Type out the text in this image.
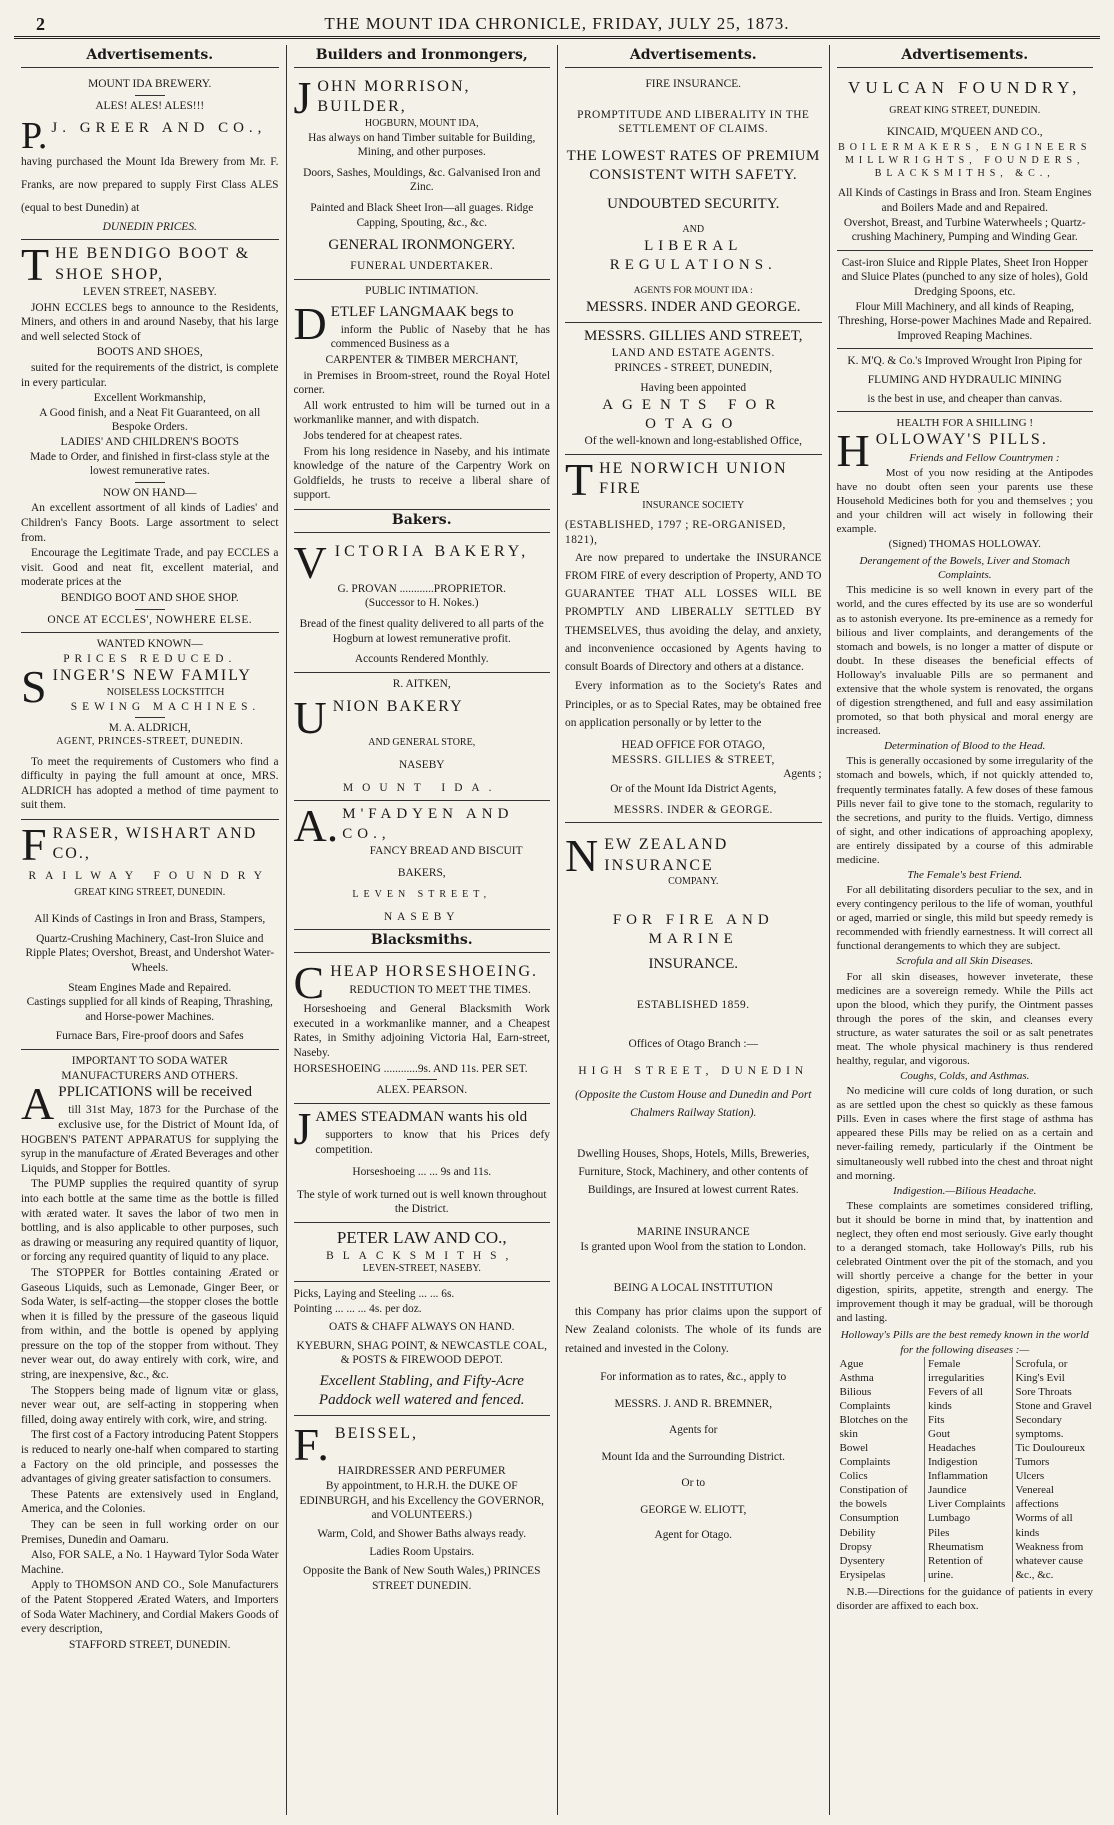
2	THE MOUNT IDA CHRONICLE, FRIDAY, JULY 25, 1873.
Advertisements.
MOUNT IDA BREWERY.
ALES! ALES! ALES!!!
P. J. GREER AND CO.,
having purchased the Mount Ida Brewery from Mr. F. Franks, are now prepared to supply First Class ALES (equal to best Dunedin) at
DUNEDIN PRICES.
THE BENDIGO BOOT & SHOE SHOP,
LEVEN STREET, NASEBY.

JOHN ECCLES begs to announce to the Residents, Miners, and others in and around Naseby, that his large and well selected Stock of

BOOTS AND SHOES,

suited for the requirements of the district, is complete in every particular.

Excellent Workmanship,
A Good finish, and a Neat Fit Guaranteed, on all Bespoke Orders.
LADIES' AND CHILDREN'S BOOTS
Made to Order, and finished in first-class style at the lowest remunerative rates.
NOW ON HAND—

An excellent assortment of all kinds of Ladies' and Children's Fancy Boots. Large assortment to select from.

Encourage the Legitimate Trade, and pay ECCLES a visit. Good and neat fit, excellent material, and moderate prices at the

BENDIGO BOOT AND SHOE SHOP.
ONCE AT ECCLES', NOWHERE ELSE.
WANTED KNOWN—
PRICES REDUCED.
SINGER'S NEW FAMILY
NOISELESS LOCKSTITCH
SEWING MACHINES.
M. A. ALDRICH,
AGENT, PRINCES-STREET, DUNEDIN.

To meet the requirements of Customers who find a difficulty in paying the full amount at once, MRS. ALDRICH has adopted a method of time payment to suit them.

FRASER, WISHART AND CO.,
RAILWAY FOUNDRY
GREAT KING STREET, DUNEDIN.
All Kinds of Castings in Iron and Brass, Stampers,
Quartz-Crushing Machinery, Cast-Iron Sluice and Ripple Plates; Overshot, Breast, and Undershot Water-Wheels.
Steam Engines Made and Repaired.
Castings supplied for all kinds of Reaping, Thrashing, and Horse-power Machines.
Furnace Bars, Fire-proof doors and Safes
IMPORTANT TO SODA WATER MANUFACTURERS AND OTHERS.
APPLICATIONS will be received

till 31st May, 1873 for the Purchase of the exclusive use, for the District of Mount Ida, of HOGBEN'S PATENT APPARATUS for supplying the syrup in the manufacture of Ærated Beverages and other Liquids, and Stopper for Bottles.

The PUMP supplies the required quantity of syrup into each bottle at the same time as the bottle is filled with ærated water. It saves the labor of two men in bottling, and is also applicable to other purposes, such as drawing or measuring any required quantity of liquor, or forcing any required quantity of liquid to any place.

The STOPPER for Bottles containing Ærated or Gaseous Liquids, such as Lemonade, Ginger Beer, or Soda Water, is self-acting—the stopper closes the bottle when it is filled by the pressure of the gaseous liquid from within, and the bottle is opened by applying pressure on the top of the stopper from without. They never wear out, do away entirely with cork, wire, and string, are inexpensive, &c., &c.

The Stoppers being made of lignum vitæ or glass, never wear out, are self-acting in stoppering when filled, doing away entirely with cork, wire, and string.

The first cost of a Factory introducing Patent Stoppers is reduced to nearly one-half when compared to starting a Factory on the old principle, and possesses the advantages of giving greater satisfaction to consumers.

These Patents are extensively used in England, America, and the Colonies.

They can be seen in full working order on our Premises, Dunedin and Oamaru.

Also, FOR SALE, a No. 1 Hayward Tylor Soda Water Machine.

Apply to THOMSON AND CO., Sole Manufacturers of the Patent Stoppered Ærated Waters, and Importers of Soda Water Machinery, and Cordial Makers Goods of every description,

STAFFORD STREET, DUNEDIN.
Builders and Ironmongers,
JOHN MORRISON, BUILDER,
HOGBURN, MOUNT IDA,
Has always on hand Timber suitable for Building, Mining, and other purposes.
Doors, Sashes, Mouldings, &c. Galvanised Iron and Zinc.
Painted and Black Sheet Iron—all guages. Ridge Capping, Spouting, &c., &c.
GENERAL IRONMONGERY.
FUNERAL UNDERTAKER.
PUBLIC INTIMATION.
DETLEF LANGMAAK begs to

inform the Public of Naseby that he has commenced Business as a

CARPENTER & TIMBER MERCHANT,

in Premises in Broom-street, round the Royal Hotel corner.

All work entrusted to him will be turned out in a workmanlike manner, and with dispatch.

Jobs tendered for at cheapest rates.

From his long residence in Naseby, and his intimate knowledge of the nature of the Carpentry Work on Goldfields, he trusts to receive a liberal share of support.

Bakers.
VICTORIA BAKERY,
G. PROVAN ............PROPRIETOR.
(Successor to H. Nokes.)
Bread of the finest quality delivered to all parts of the Hogburn at lowest remunerative profit.
Accounts Rendered Monthly.
R. AITKEN,
UNION BAKERY
AND GENERAL STORE,
NASEBY
MOUNT IDA.
A. M'FADYEN AND CO.,
FANCY BREAD AND BISCUIT
BAKERS,
LEVEN STREET,
NASEBY
Blacksmiths.
CHEAP HORSESHOEING.
REDUCTION TO MEET THE TIMES.

Horseshoeing and General Blacksmith Work executed in a workmanlike manner, and a Cheapest Rates, in Smithy adjoining Victoria Hal, Earn-street, Naseby.

HORSESHOEING ............9s. AND 11s. PER SET.
ALEX. PEARSON.
JAMES STEADMAN wants his old

supporters to know that his Prices defy competition.

Horseshoeing ... ... 9s and 11s.
The style of work turned out is well known throughout the District.
PETER LAW AND CO.,
BLACKSMITHS,
LEVEN-STREET, NASEBY.
Picks, Laying and Steeling ... ... 6s.
Pointing ... ... ... 4s. per doz.
OATS & CHAFF ALWAYS ON HAND.
KYEBURN, SHAG POINT, & NEWCASTLE COAL, & POSTS & FIREWOOD DEPOT.
Excellent Stabling, and Fifty-Acre Paddock well watered and fenced.
F. BEISSEL,
HAIRDRESSER AND PERFUMER
By appointment, to H.R.H. the DUKE OF EDINBURGH, and his Excellency the GOVERNOR, and VOLUNTEERS.)
Warm, Cold, and Shower Baths always ready.
Ladies Room Upstairs.
Opposite the Bank of New South Wales,) PRINCES STREET DUNEDIN.
Advertisements.
FIRE INSURANCE.
PROMPTITUDE AND LIBERALITY IN THE SETTLEMENT OF CLAIMS.
THE LOWEST RATES OF PREMIUM CONSISTENT WITH SAFETY.
UNDOUBTED SECURITY.
AND
LIBERAL REGULATIONS.
AGENTS FOR MOUNT IDA :
MESSRS. INDER AND GEORGE.
MESSRS. GILLIES AND STREET,
LAND AND ESTATE AGENTS.
PRINCES - STREET, DUNEDIN,
Having been appointed
AGENTS FOR OTAGO
Of the well-known and long-established Office,
THE NORWICH UNION FIRE
INSURANCE SOCIETY
(ESTABLISHED, 1797 ; RE-ORGANISED, 1821),

Are now prepared to undertake the INSURANCE FROM FIRE of every description of Property, AND TO GUARANTEE THAT ALL LOSSES WILL BE PROMPTLY AND LIBERALLY SETTLED BY THEMSELVES, thus avoiding the delay, and anxiety, and inconvenience occasioned by Agents having to consult Boards of Directory and others at a distance.

Every information as to the Society's Rates and Principles, or as to Special Rates, may be obtained free on application personally or by letter to the

HEAD OFFICE FOR OTAGO,
MESSRS. GILLIES & STREET,
Agents ;
Or of the Mount Ida District Agents,
MESSRS. INDER & GEORGE.
NEW ZEALAND INSURANCE
COMPANY.
FOR FIRE AND MARINE
INSURANCE.
ESTABLISHED 1859.
Offices of Otago Branch :—
HIGH STREET, DUNEDIN
(Opposite the Custom House and Dunedin and Port Chalmers Railway Station).
Dwelling Houses, Shops, Hotels, Mills, Breweries, Furniture, Stock, Machinery, and other contents of Buildings, are Insured at lowest current Rates.
MARINE INSURANCE
Is granted upon Wool from the station to London.
BEING A LOCAL INSTITUTION

this Company has prior claims upon the support of New Zealand colonists. The whole of its funds are retained and invested in the Colony.

For information as to rates, &c., apply to
MESSRS. J. AND R. BREMNER,
Agents for
Mount Ida and the Surrounding District.
Or to
GEORGE W. ELIOTT,
Agent for Otago.
Advertisements.
VULCAN FOUNDRY,
GREAT KING STREET, DUNEDIN.
KINCAID, M'QUEEN AND CO.,
BOILERMAKERS, ENGINEERS MILLWRIGHTS, FOUNDERS, BLACKSMITHS, &C.,
All Kinds of Castings in Brass and Iron. Steam Engines and Boilers Made and and Repaired.
Overshot, Breast, and Turbine Waterwheels ; Quartz-crushing Machinery, Pumping and Winding Gear.
Cast-iron Sluice and Ripple Plates, Sheet Iron Hopper and Sluice Plates (punched to any size of holes), Gold Dredging Spoons, etc.
Flour Mill Machinery, and all kinds of Reaping, Threshing, Horse-power Machines Made and Repaired.
Improved Reaping Machines.
K. M'Q. & Co.'s Improved Wrought Iron Piping for
FLUMING AND HYDRAULIC MINING
is the best in use, and cheaper than canvas.
HEALTH FOR A SHILLING !
HOLLOWAY'S PILLS.
Friends and Fellow Countrymen :

Most of you now residing at the Antipodes have no doubt often seen your parents use these Household Medicines both for you and themselves ; you and your children will act wisely in following their example.

(Signed) THOMAS HOLLOWAY.
Derangement of the Bowels, Liver and Stomach Complaints.

This medicine is so well known in every part of the world, and the cures effected by its use are so wonderful as to astonish everyone. Its pre-eminence as a remedy for bilious and liver complaints, and derangements of the stomach and bowels, is no longer a matter of dispute or doubt. In these diseases the beneficial effects of Holloway's invaluable Pills are so permanent and extensive that the whole system is renovated, the organs of digestion strengthened, and full and easy assimilation promoted, so that both physical and moral energy are increased.

Determination of Blood to the Head.

This is generally occasioned by some irregularity of the stomach and bowels, which, if not quickly attended to, frequently terminates fatally. A few doses of these famous Pills never fail to give tone to the stomach, regularity to the secretions, and purity to the fluids. Vertigo, dimness of sight, and other indications of approaching apoplexy, are entirely dissipated by a course of this admirable medicine.

The Female's best Friend.

For all debilitating disorders peculiar to the sex, and in every contingency perilous to the life of woman, youthful or aged, married or single, this mild but speedy remedy is recommended with friendly earnestness. It will correct all functional derangements to which they are subject.

Scrofula and all Skin Diseases.

For all skin diseases, however inveterate, these medicines are a sovereign remedy. While the Pills act upon the blood, which they purify, the Ointment passes through the pores of the skin, and cleanses every structure, as water saturates the soil or as salt penetrates meat. The whole physical machinery is thus rendered healthy, regular, and vigorous.

Coughs, Colds, and Asthmas.

No medicine will cure colds of long duration, or such as are settled upon the chest so quickly as these famous Pills. Even in cases where the first stage of asthma has appeared these Pills may be relied on as a certain and never-failing remedy, particularly if the Ointment be simultaneously well rubbed into the chest and throat night and morning.

Indigestion.—Bilious Headache.

These complaints are sometimes considered trifling, but it should be borne in mind that, by inattention and neglect, they often end most seriously. Give early thought to a deranged stomach, take Holloway's Pills, rub his celebrated Ointment over the pit of the stomach, and you will shortly perceive a change for the better in your digestion, spirits, appetite, strength and energy. The improvement though it may be gradual, will be thorough and lasting.

Holloway's Pills are the best remedy known in the world for the following diseases :—
Ague
Asthma
Bilious Complaints
Blotches on the skin
Bowel Complaints
Colics
Constipation of the bowels
Consumption
Debility
Dropsy
Dysentery
Erysipelas
Female irregularities
Fevers of all kinds
Fits
Gout
Headaches
Indigestion
Inflammation
Jaundice
Liver Complaints
Lumbago
Piles
Rheumatism
Retention of urine.
Scrofula, or King's Evil
Sore Throats
Stone and Gravel
Secondary symptoms.
Tic Douloureux
Tumors
Ulcers
Venereal affections
Worms of all kinds
Weakness from whatever cause
&c., &c.

N.B.—Directions for the guidance of patients in every disorder are affixed to each box.
